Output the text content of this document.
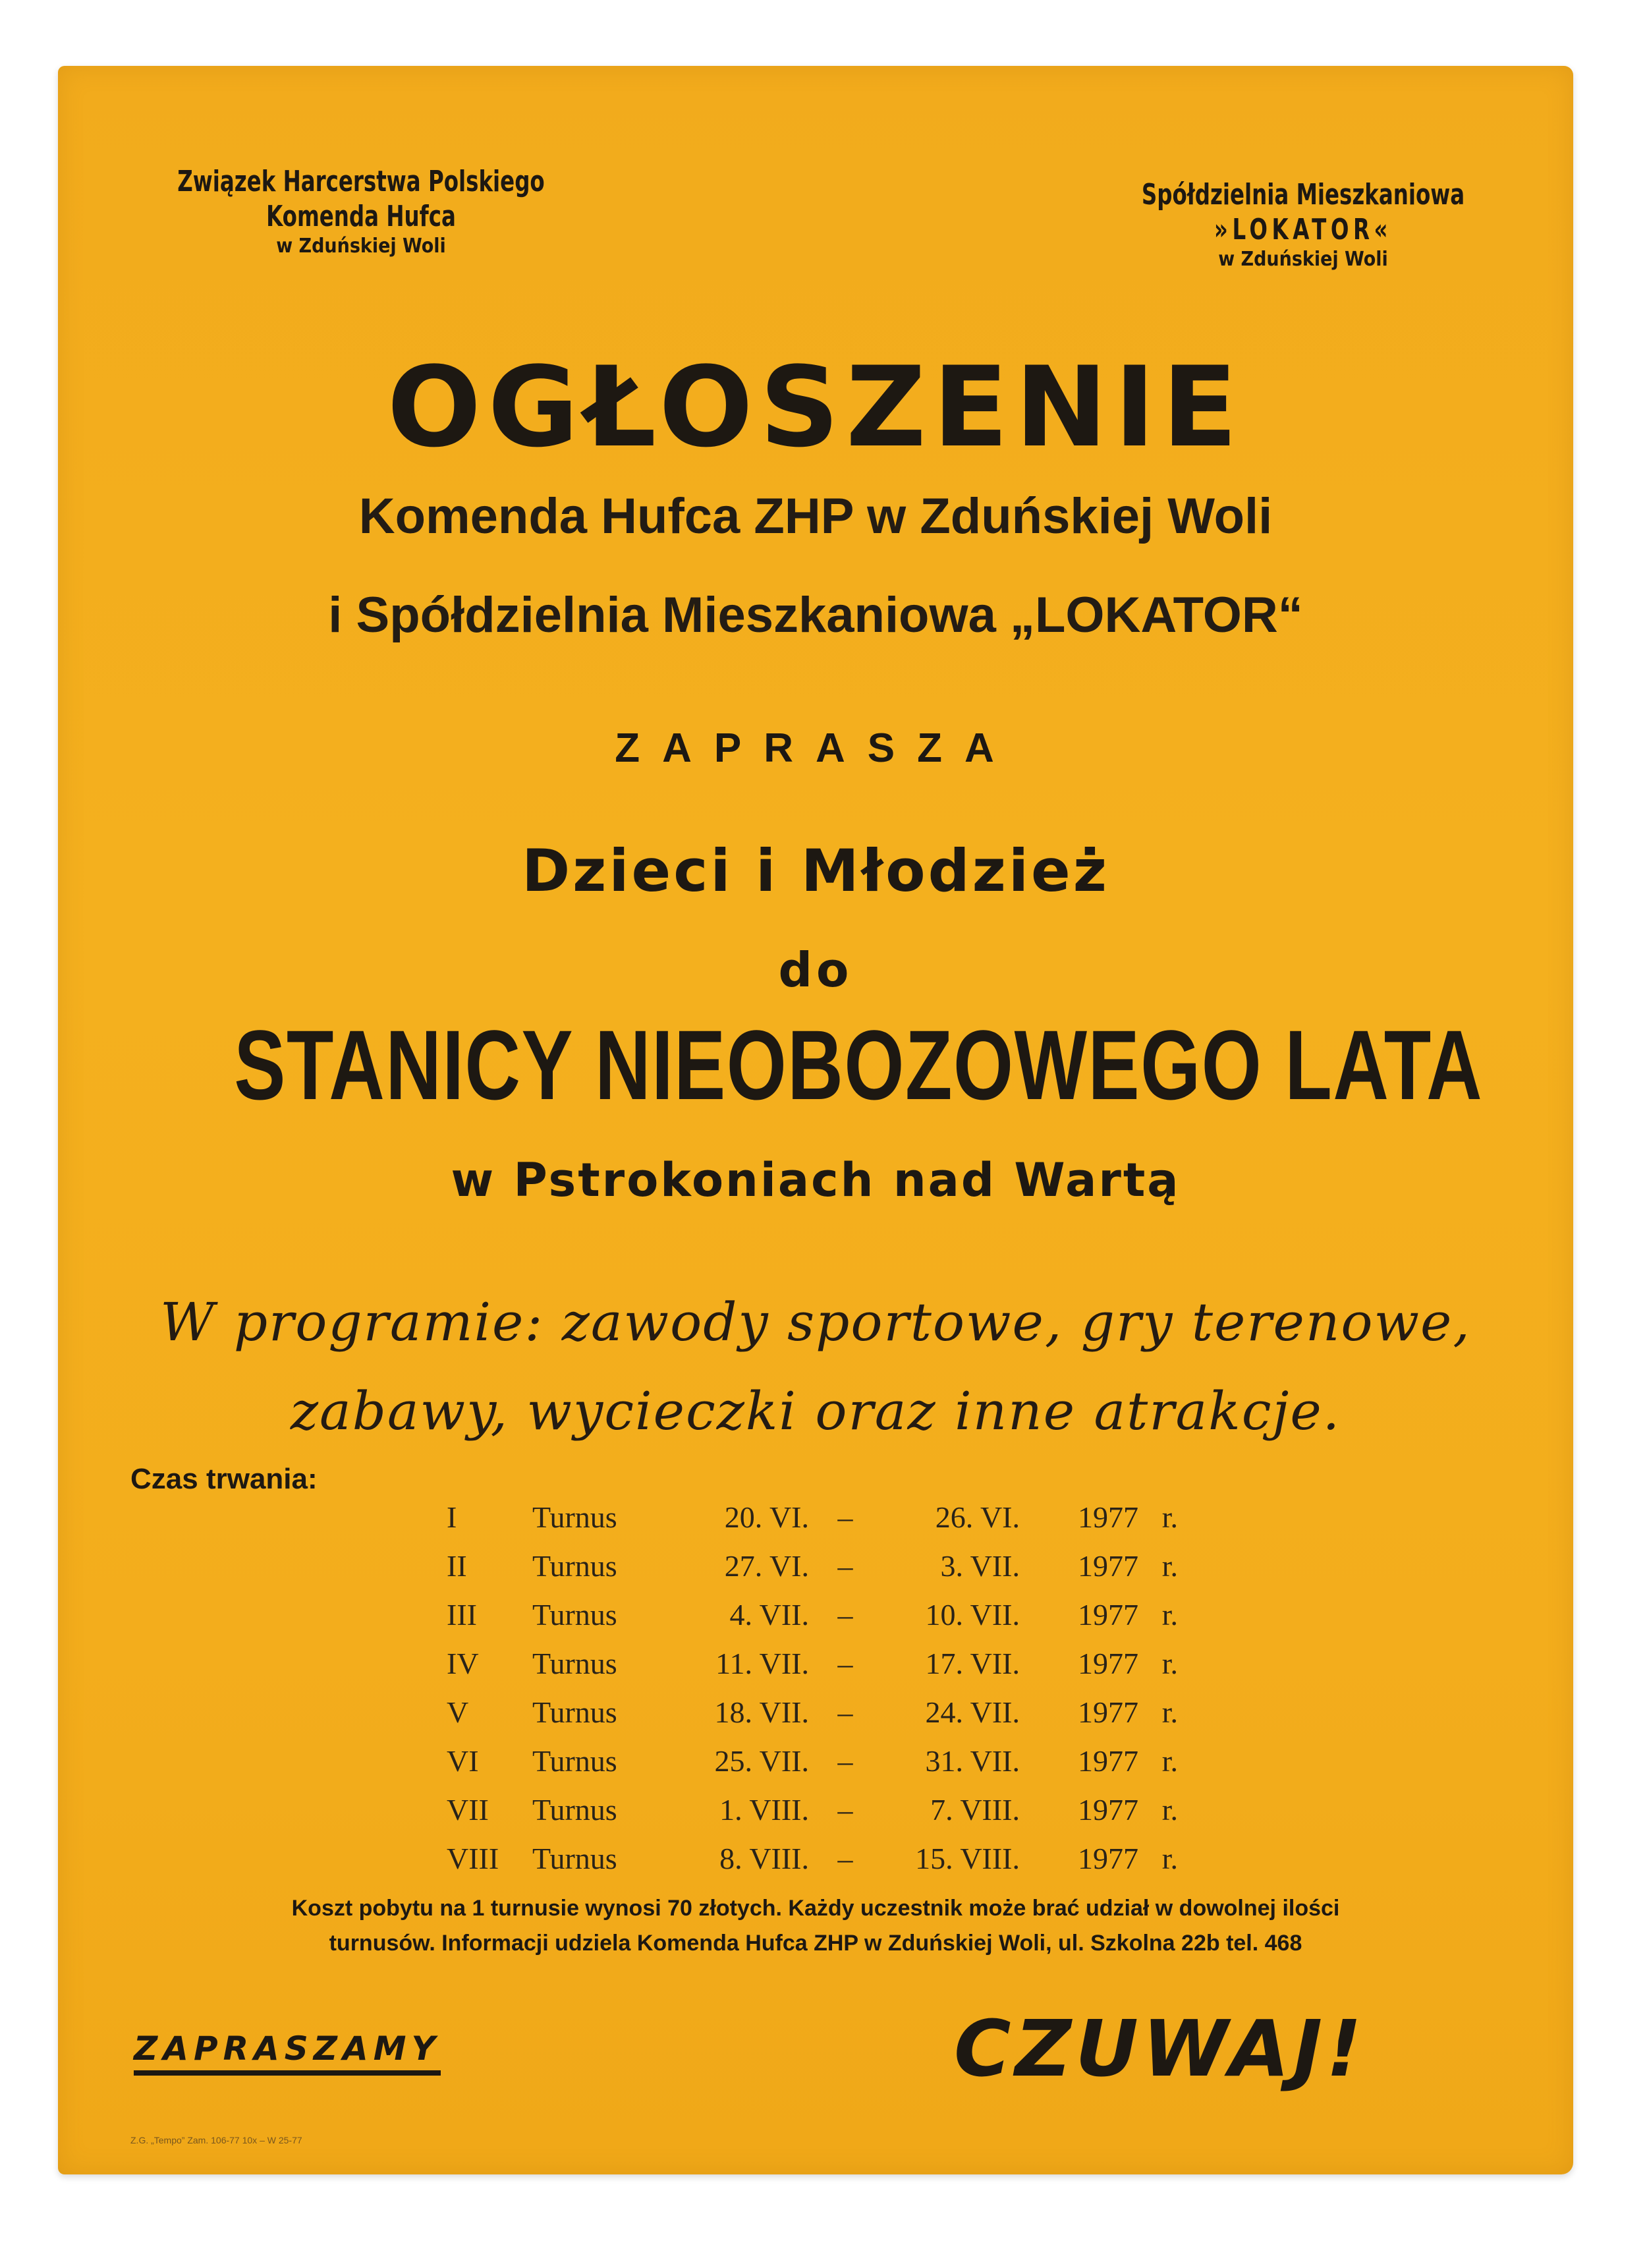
Związek Harcerstwa Polskiego
Komenda Hufca
w Zduńskiej Woli
Spółdzielnia Mieszkaniowa
»LOKATOR«
w Zduńskiej Woli
OGŁOSZENIE
Komenda Hufca ZHP w Zduńskiej Woli
i Spółdzielnia Mieszkaniowa „LOKATOR“
ZAPRASZA
Dzieci i Młodzież
do
STANICY NIEOBOZOWEGO LATA
w Pstrokoniach nad Wartą
W programie: zawody sportowe, gry terenowe,
zabawy, wycieczki oraz inne atrakcje.
Czas trwania:
I	Turnus	20. VI. –	26. VI.	1977 r.
II	Turnus	27. VI. –	3. VII.	1977 r.
III	Turnus	4. VII. –	10. VII.	1977 r.
IV	Turnus	11. VII. –	17. VII.	1977 r.
V	Turnus	18. VII. –	24. VII.	1977 r.
VI	Turnus	25. VII. –	31. VII.	1977 r.
VII	Turnus	1. VIII. –	7. VIII.	1977 r.
VIII	Turnus	8. VIII. –	15. VIII.	1977 r.
Koszt pobytu na 1 turnusie wynosi 70 złotych. Każdy uczestnik może brać udział w dowolnej ilości
turnusów. Informacji udziela Komenda Hufca ZHP w Zduńskiej Woli, ul. Szkolna 22b tel. 468
ZAPRASZAMY	CZUWAJ!
Z.G. „Tempo” Zam. 106-77 10x – W 25-77
